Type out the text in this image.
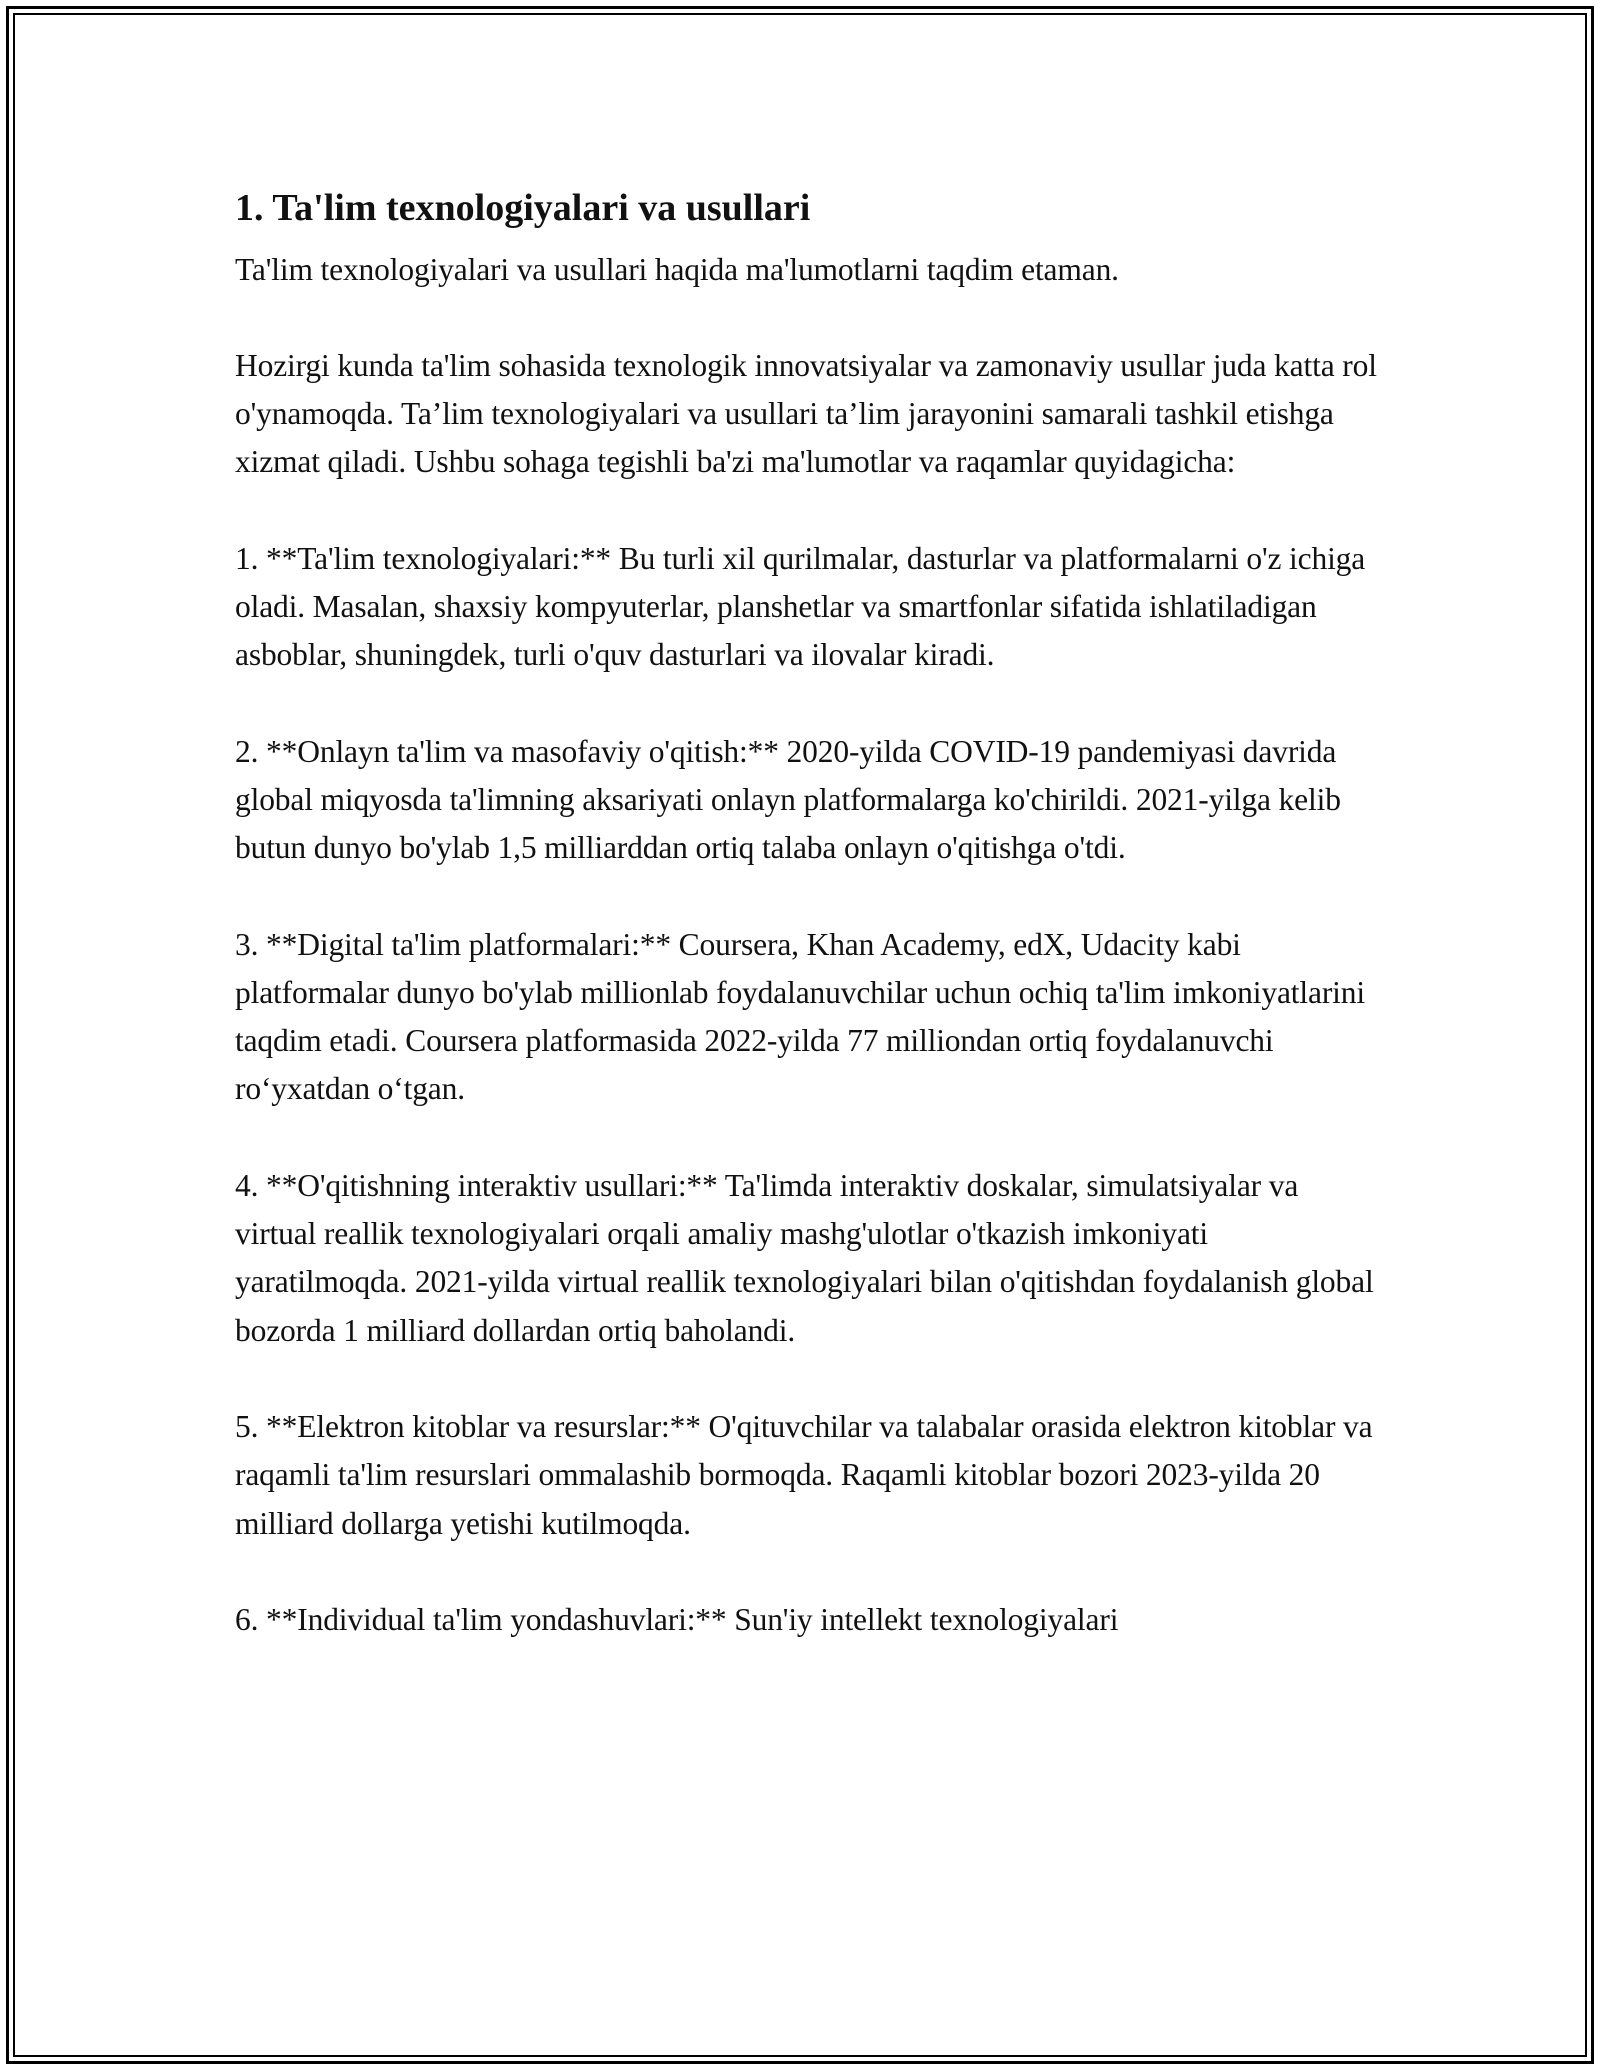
1. Ta'lim texnologiyalari va usullari

Ta'lim texnologiyalari va usullari haqida ma'lumotlarni taqdim etaman.

Hozirgi kunda ta'lim sohasida texnologik innovatsiyalar va zamonaviy usullar juda katta rol o'ynamoqda. Ta’lim texnologiyalari va usullari ta’lim jarayonini samarali tashkil etishga xizmat qiladi. Ushbu sohaga tegishli ba'zi ma'lumotlar va raqamlar quyidagicha:

1. **Ta'lim texnologiyalari:** Bu turli xil qurilmalar, dasturlar va platformalarni o'z ichiga oladi. Masalan, shaxsiy kompyuterlar, planshetlar va smartfonlar sifatida ishlatiladigan asboblar, shuningdek, turli o'quv dasturlari va ilovalar kiradi.

2. **Onlayn ta'lim va masofaviy o'qitish:** 2020-yilda COVID-19 pandemiyasi davrida global miqyosda ta'limning aksariyati onlayn platformalarga ko'chirildi. 2021-yilga kelib butun dunyo bo'ylab 1,5 milliarddan ortiq talaba onlayn o'qitishga o'tdi.

3. **Digital ta'lim platformalari:** Coursera, Khan Academy, edX, Udacity kabi platformalar dunyo bo'ylab millionlab foydalanuvchilar uchun ochiq ta'lim imkoniyatlarini taqdim etadi. Coursera platformasida 2022-yilda 77 milliondan ortiq foydalanuvchi ro‘yxatdan o‘tgan.

4. **O'qitishning interaktiv usullari:** Ta'limda interaktiv doskalar, simulatsiyalar va virtual reallik texnologiyalari orqali amaliy mashg'ulotlar o'tkazish imkoniyati yaratilmoqda. 2021-yilda virtual reallik texnologiyalari bilan o'qitishdan foydalanish global bozorda 1 milliard dollardan ortiq baholandi.

5. **Elektron kitoblar va resurslar:** O'qituvchilar va talabalar orasida elektron kitoblar va raqamli ta'lim resurslari ommalashib bormoqda. Raqamli kitoblar bozori 2023-yilda 20 milliard dollarga yetishi kutilmoqda.

6. **Individual ta'lim yondashuvlari:** Sun'iy intellekt texnologiyalari
